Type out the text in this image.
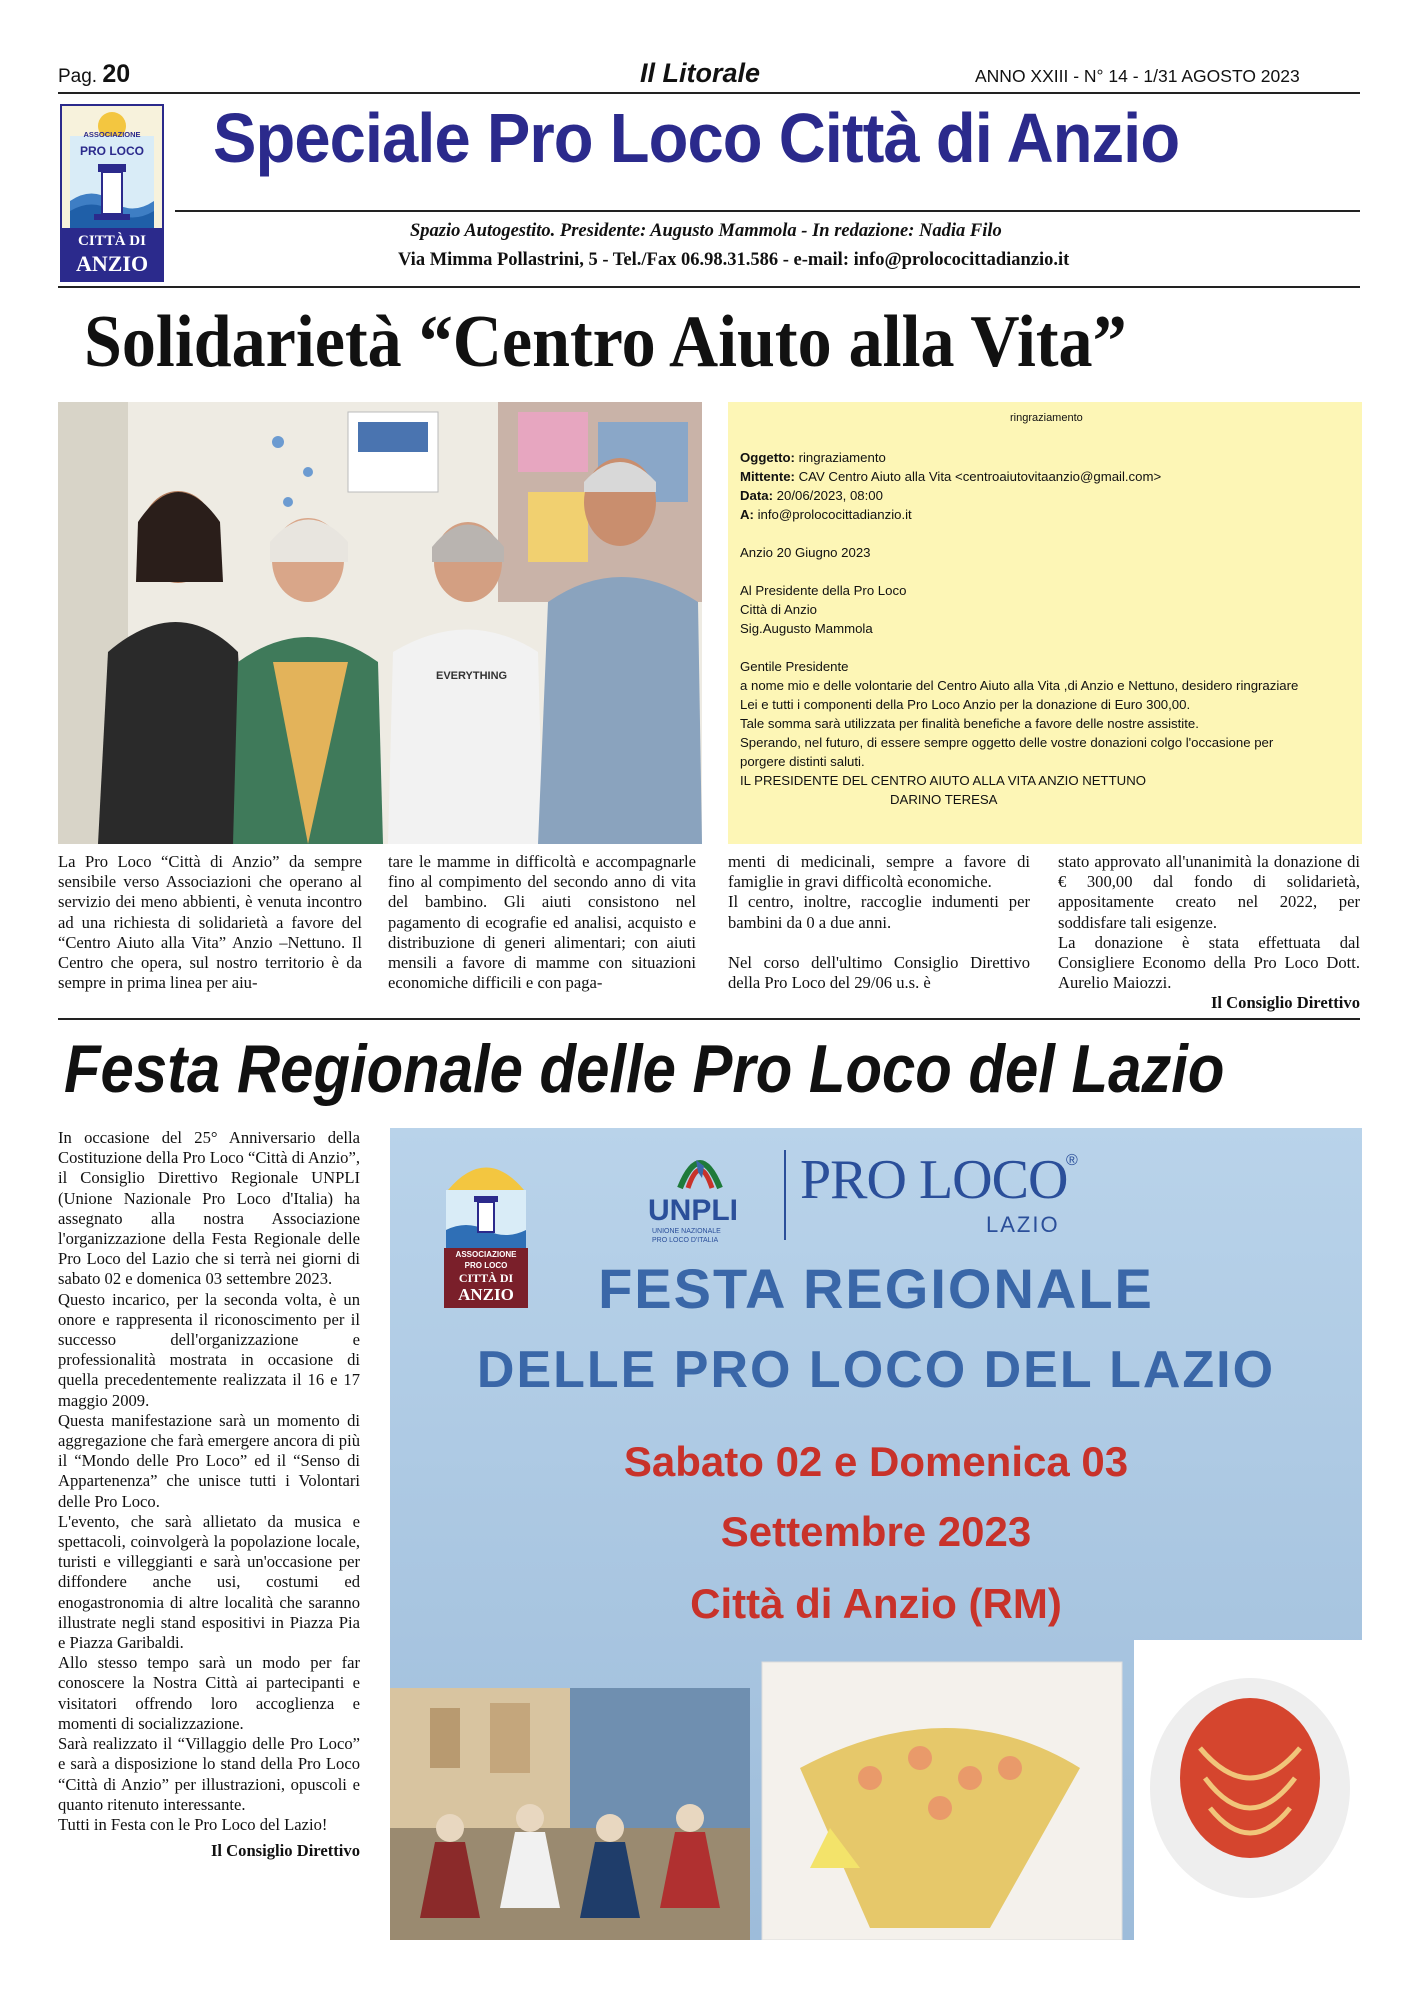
Pag. 20	Il Litorale	ANNO XXIII - N° 14 - 1/31 AGOSTO 2023
ASSOCIAZIONE
PRO LOCO
CITTÀ DI
ANZIO
Speciale Pro Loco Città di Anzio
Spazio Autogestito. Presidente: Augusto Mammola - In redazione: Nadia Filo
Via Mimma Pollastrini, 5 - Tel./Fax 06.98.31.586 - e-mail: info@prolococittadianzio.it
Solidarietà “Centro Aiuto alla Vita”
EVERYTHING

ringraziamento

Oggetto: ringraziamento

Mittente: CAV Centro Aiuto alla Vita <centroaiutovitaanzio@gmail.com>

Data: 20/06/2023, 08:00

A: info@prolococittadianzio.it

Anzio 20 Giugno 2023

Al Presidente della Pro Loco

Città di Anzio

Sig.Augusto Mammola

Gentile Presidente

a nome mio e delle volontarie del Centro Aiuto alla Vita ,di Anzio e Nettuno, desidero ringraziare

Lei e tutti i componenti della Pro Loco Anzio per la donazione di Euro 300,00.

Tale somma sarà utilizzata per finalità benefiche a favore delle nostre assistite.

Sperando, nel futuro, di essere sempre oggetto delle vostre donazioni colgo l'occasione per

porgere distinti saluti.

IL PRESIDENTE DEL CENTRO AIUTO ALLA VITA ANZIO NETTUNO

DARINO TERESA

La Pro Loco “Città di Anzio” da sempre sensibile verso Associazioni che operano al servizio dei meno abbienti, è venuta incontro ad una richiesta di solidarietà a favore del “Centro Aiuto alla Vita” Anzio –Nettuno. Il Centro che opera, sul nostro territorio è da sempre in prima linea per aiu-

tare le mamme in difficoltà e accompagnarle fino al compimento del secondo anno di vita del bambino. Gli aiuti consistono nel pagamento di ecografie ed analisi, acquisto e distribuzione di generi alimentari; con aiuti mensili a favore di mamme con situazioni economiche difficili e con paga-

menti di medicinali, sempre a favore di famiglie in gravi difficoltà economiche.

Il centro, inoltre, raccoglie indumenti per bambini da 0 a due anni.

Nel corso dell'ultimo Consiglio Direttivo della Pro Loco del 29/06 u.s. è

stato approvato all'unanimità la donazione di € 300,00 dal fondo di solidarietà, appositamente creato nel 2022, per soddisfare tali esigenze.

La donazione è stata effettuata dal Consigliere Economo della Pro Loco Dott. Aurelio Maiozzi.

Il Consiglio Direttivo

Festa Regionale delle Pro Loco del Lazio

In occasione del 25° Anniversario della Costituzione della Pro Loco “Città di Anzio”, il Consiglio Direttivo Regionale UNPLI (Unione Nazionale Pro Loco d'Italia) ha assegnato alla nostra Associazione l'organizzazione della Festa Regionale delle Pro Loco del Lazio che si terrà nei giorni di sabato 02 e domenica 03 settembre 2023.

Questo incarico, per la seconda volta, è un onore e rappresenta il riconoscimento per il successo dell'organizzazione e professionalità mostrata in occasione di quella precedentemente realizzata il 16 e 17 maggio 2009.

Questa manifestazione sarà un momento di aggregazione che farà emergere ancora di più il “Mondo delle Pro Loco” ed il “Senso di Appartenenza” che unisce tutti i Volontari delle Pro Loco.

L'evento, che sarà allietato da musica e spettacoli, coinvolgerà la popolazione locale, turisti e villeggianti e sarà un'occasione per diffondere anche usi, costumi ed enogastronomia di altre località che saranno illustrate negli stand espositivi in Piazza Pia e Piazza Garibaldi.

Allo stesso tempo sarà un modo per far conoscere la Nostra Città ai partecipanti e visitatori offrendo loro accoglienza e momenti di socializzazione.

Sarà realizzato il “Villaggio delle Pro Loco” e sarà a disposizione lo stand della Pro Loco “Città di Anzio” per illustrazioni, opuscoli e quanto ritenuto interessante.

Tutti in Festa con le Pro Loco del Lazio!

Il Consiglio Direttivo

ASSOCIAZIONE
PRO LOCO
CITTÀ DI
ANZIO
UNPLI
UNIONE NAZIONALE
PRO LOCO D'ITALIA
PRO LOCO
®
LAZIO
FESTA REGIONALE
DELLE PRO LOCO DEL LAZIO
Sabato 02 e Domenica 03
Settembre 2023
Città di Anzio (RM)
